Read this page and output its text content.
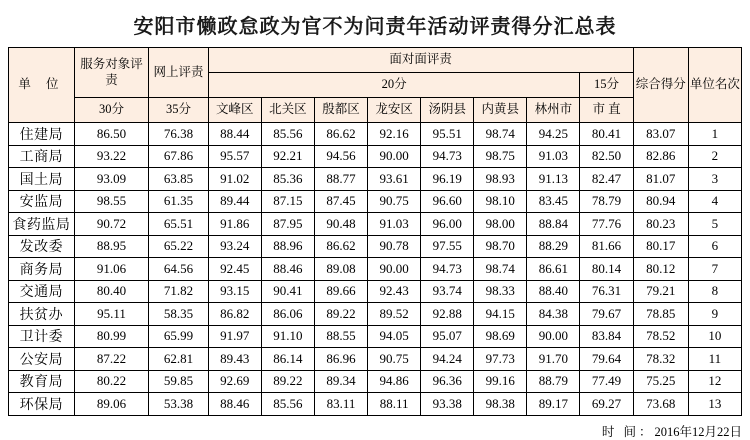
安阳市懒政怠政为官不为问责年活动评责得分汇总表
单 位	服务对象评责	网上评责	面对面评责								综合得分	单位名次
			20分							15分		
	30分	35分	文峰区	北关区	殷都区	龙安区	汤阴县	内黄县	林州市	市 直		
住建局	86.50	76.38	88.44	85.56	86.62	92.16	95.51	98.74	94.25	80.41	83.07	1
工商局	93.22	67.86	95.57	92.21	94.56	90.00	94.73	98.75	91.03	82.50	82.86	2
国土局	93.09	63.85	91.02	85.36	88.77	93.61	96.19	98.93	91.13	82.47	81.07	3
安监局	98.55	61.35	89.44	87.15	87.45	90.75	96.60	98.10	83.45	78.79	80.94	4
食药监局	90.72	65.51	91.86	87.95	90.48	91.03	96.00	98.00	88.84	77.76	80.23	5
发改委	88.95	65.22	93.24	88.96	86.62	90.78	97.55	98.70	88.29	81.66	80.17	6
商务局	91.06	64.56	92.45	88.46	89.08	90.00	94.73	98.74	86.61	80.14	80.12	7
交通局	80.40	71.82	93.15	90.41	89.66	92.43	93.74	98.33	88.40	76.31	79.21	8
扶贫办	95.11	58.35	86.82	86.06	89.22	89.52	92.88	94.15	84.38	79.67	78.85	9
卫计委	80.99	65.99	91.97	91.10	88.55	94.05	95.07	98.69	90.00	83.84	78.52	10
公安局	87.22	62.81	89.43	86.14	86.96	90.75	94.24	97.73	91.70	79.64	78.32	11
教育局	80.22	59.85	92.69	89.22	89.34	94.86	96.36	99.16	88.79	77.49	75.25	12
环保局	89.06	53.38	88.46	85.56	83.11	88.11	93.38	98.38	89.17	69.27	73.68	13
时 间：2016年12月22日
